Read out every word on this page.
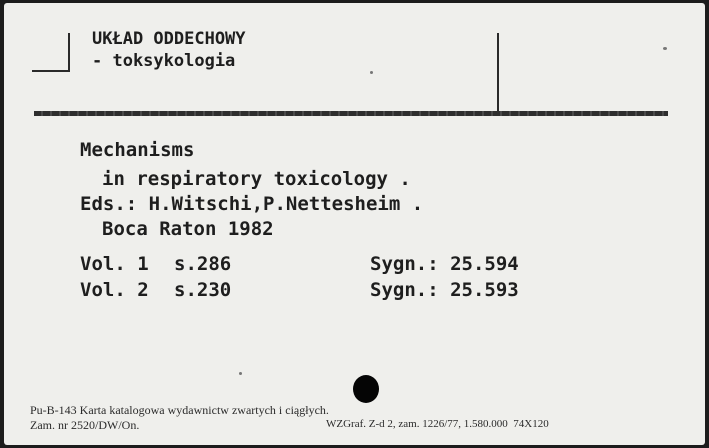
UKŁAD ODDECHOWY
- toksykologia
Mechanisms
in respiratory toxicology .
Eds.: H.Witschi,P.Nettesheim .
Boca Raton 1982
Vol. 1 s.286	Sygn.: 25.594
Vol. 2 s.230	Sygn.: 25.593
Pu-B-143 Karta katalogowa wydawnictw zwartych i ciągłych.
Zam. nr 2520/DW/On.	WZGraf. Z-d 2, zam. 1226/77, 1.580.000  74X120
